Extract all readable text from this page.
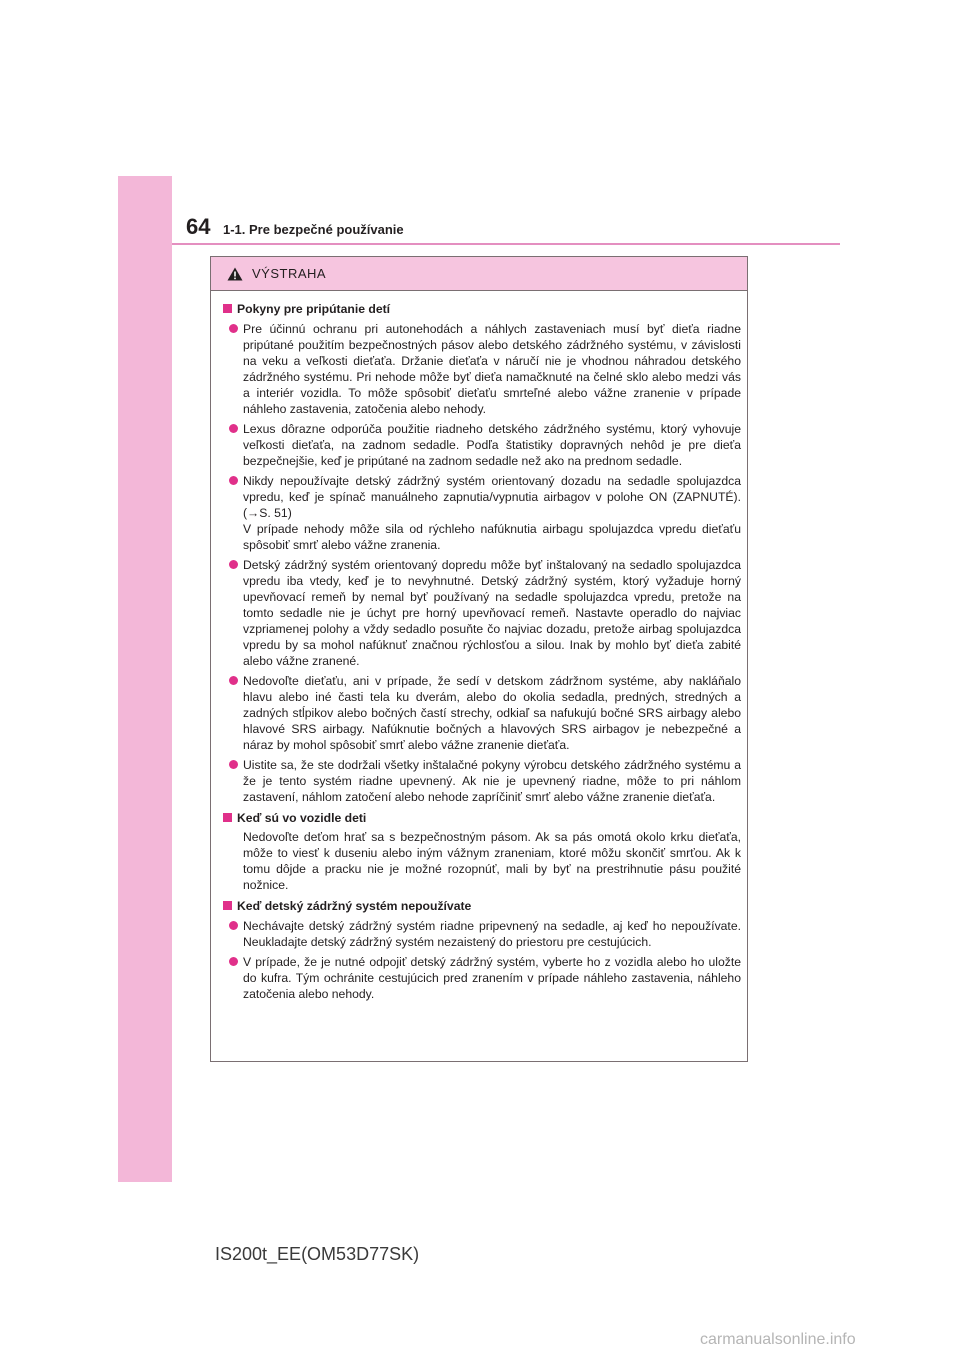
64 1-1. Pre bezpečné používanie
VÝSTRAHA
Pokyny pre pripútanie detí
Pre účinnú ochranu pri autonehodách a náhlych zastaveniach musí byť dieťa riadne pripútané použitím bezpečnostných pásov alebo detského zádržného systému, v závislosti na veku a veľkosti dieťaťa. Držanie dieťaťa v náručí nie je vhodnou náhradou detského zádržného systému. Pri nehode môže byť dieťa namačknuté na čelné sklo alebo medzi vás a interiér vozidla. To môže spôsobiť dieťaťu smrteľné alebo vážne zranenie v prípade náhleho zastavenia, zatočenia alebo nehody.
Lexus dôrazne odporúča použitie riadneho detského zádržného systému, ktorý vyhovuje veľkosti dieťaťa, na zadnom sedadle. Podľa štatistiky dopravných nehôd je pre dieťa bezpečnejšie, keď je pripútané na zadnom sedadle než ako na prednom sedadle.
Nikdy nepoužívajte detský zádržný systém orientovaný dozadu na sedadle spolujazdca vpredu, keď je spínač manuálneho zapnutia/vypnutia airbagov v polohe ON (ZAPNUTÉ). (→S. 51)
V prípade nehody môže sila od rýchleho nafúknutia airbagu spolujazdca vpredu dieťaťu spôsobiť smrť alebo vážne zranenia.
Detský zádržný systém orientovaný dopredu môže byť inštalovaný na sedadlo spolujazdca vpredu iba vtedy, keď je to nevyhnutné. Detský zádržný systém, ktorý vyžaduje horný upevňovací remeň by nemal byť používaný na sedadle spolujazdca vpredu, pretože na tomto sedadle nie je úchyt pre horný upevňovací remeň. Nastavte operadlo do najviac vzpriamenej polohy a vždy sedadlo posuňte čo najviac dozadu, pretože airbag spolujazdca vpredu by sa mohol nafúknuť značnou rýchlosťou a silou. Inak by mohlo byť dieťa zabité alebo vážne zranené.
Nedovoľte dieťaťu, ani v prípade, že sedí v detskom zádržnom systéme, aby nakláňalo hlavu alebo iné časti tela ku dverám, alebo do okolia sedadla, predných, stredných a zadných stĺpikov alebo bočných častí strechy, odkiaľ sa nafukujú bočné SRS airbagy alebo hlavové SRS airbagy. Nafúknutie bočných a hlavových SRS airbagov je nebezpečné a náraz by mohol spôsobiť smrť alebo vážne zranenie dieťaťa.
Uistite sa, že ste dodržali všetky inštalačné pokyny výrobcu detského zádržného systému a že je tento systém riadne upevnený. Ak nie je upevnený riadne, môže to pri náhlom zastavení, náhlom zatočení alebo nehode zapríčiniť smrť alebo vážne zranenie dieťaťa.
Keď sú vo vozidle deti
Nedovoľte deťom hrať sa s bezpečnostným pásom. Ak sa pás omotá okolo krku dieťaťa, môže to viesť k duseniu alebo iným vážnym zraneniam, ktoré môžu skončiť smrťou. Ak k tomu dôjde a pracku nie je možné rozopnúť, mali by byť na prestrihnutie pásu použité nožnice.
Keď detský zádržný systém nepoužívate
Nechávajte detský zádržný systém riadne pripevnený na sedadle, aj keď ho nepoužívate. Neukladajte detský zádržný systém nezaistený do priestoru pre cestujúcich.
V prípade, že je nutné odpojiť detský zádržný systém, vyberte ho z vozidla alebo ho uložte do kufra. Tým ochránite cestujúcich pred zranením v prípade náhleho zastavenia, náhleho zatočenia alebo nehody.
IS200t_EE(OM53D77SK)
carmanualsonline.info
